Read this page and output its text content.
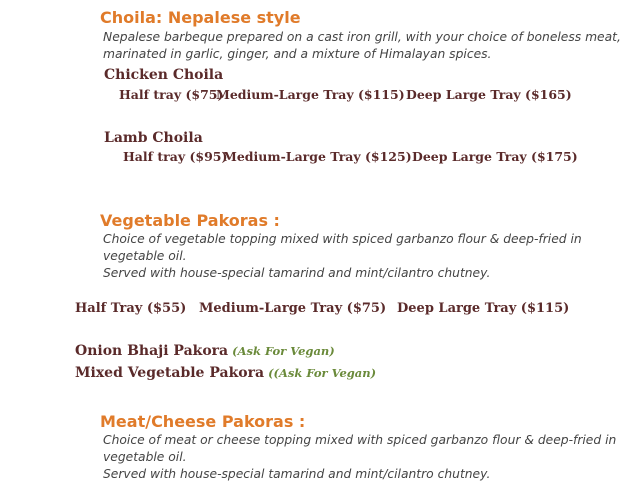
Choila: Nepalese style
Nepalese barbeque prepared on a cast iron grill, with your choice of boneless meat,
marinated in garlic, ginger, and a mixture of Himalayan spices.
Chicken Choila
Half tray ($75)
Medium-Large Tray ($115) Deep Large Tray ($165)
Lamb Choila
Half tray ($95)
Medium-Large Tray ($125) Deep Large Tray ($175)
Vegetable Pakoras :
Choice of vegetable topping mixed with spiced garbanzo flour & deep-fried in
vegetable oil.
Served with house-special tamarind and mint/cilantro chutney.
Half Tray ($55) Medium-Large Tray ($75) Deep Large Tray ($115)
Onion Bhaji Pakora (Ask For Vegan)
Mixed Vegetable Pakora ((Ask For Vegan)
Meat/Cheese Pakoras :
Choice of meat or cheese topping mixed with spiced garbanzo flour & deep-fried in
vegetable oil.
Served with house-special tamarind and mint/cilantro chutney.
